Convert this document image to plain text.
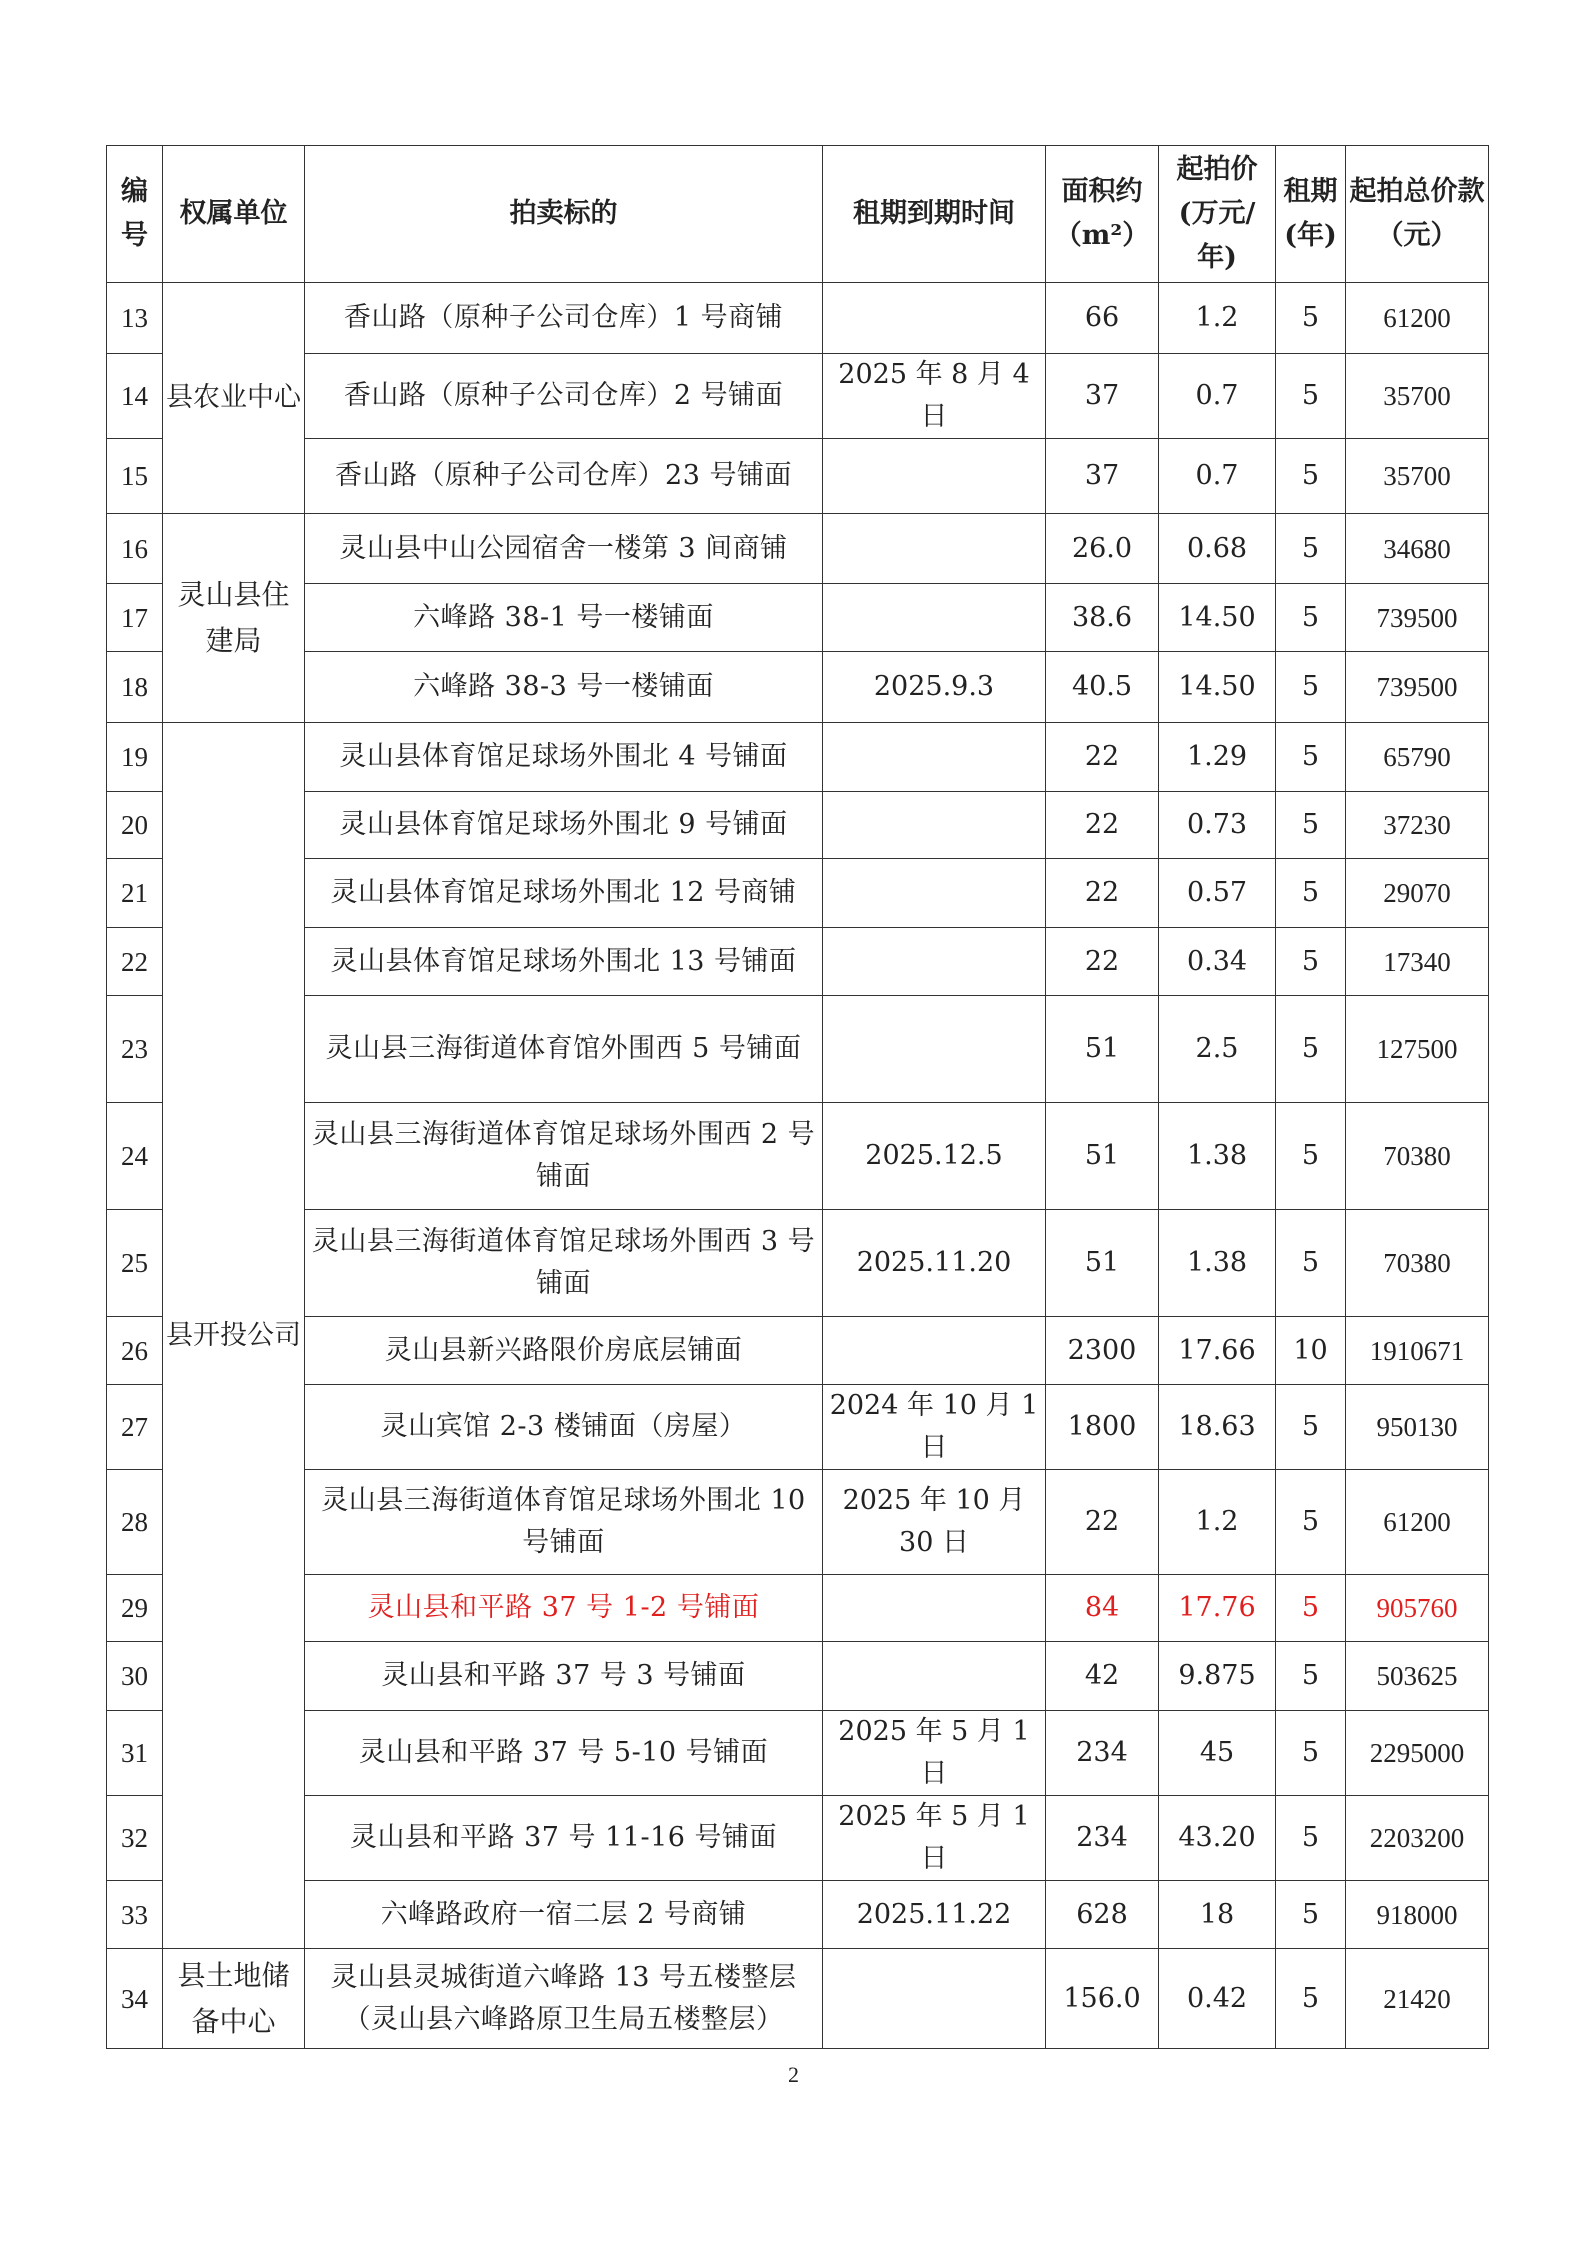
编号	权属单位	拍卖标的	租期到期时间	面积约（m²）	起拍价(万元/年)	租期(年)	起拍总价款（元）
13	县农业中心	香山路（原种子公司仓库）1 号商铺		66	1.2	5	61200
14		香山路（原种子公司仓库）2 号铺面	2025 年 8 月 4 日	37	0.7	5	35700
15		香山路（原种子公司仓库）23 号铺面		37	0.7	5	35700
16	灵山县住建局	灵山县中山公园宿舍一楼第 3 间商铺		26.0	0.68	5	34680
17		六峰路 38-1 号一楼铺面		38.6	14.50	5	739500
18		六峰路 38-3 号一楼铺面	2025.9.3	40.5	14.50	5	739500
19	县开投公司	灵山县体育馆足球场外围北 4 号铺面		22	1.29	5	65790
20		灵山县体育馆足球场外围北 9 号铺面		22	0.73	5	37230
21		灵山县体育馆足球场外围北 12 号商铺		22	0.57	5	29070
22		灵山县体育馆足球场外围北 13 号铺面		22	0.34	5	17340
23		灵山县三海街道体育馆外围西 5 号铺面		51	2.5	5	127500
24		灵山县三海街道体育馆足球场外围西 2 号铺面	2025.12.5	51	1.38	5	70380
25		灵山县三海街道体育馆足球场外围西 3 号铺面	2025.11.20	51	1.38	5	70380
26		灵山县新兴路限价房底层铺面		2300	17.66	10	1910671
27		灵山宾馆 2-3 楼铺面（房屋）	2024 年 10 月 1 日	1800	18.63	5	950130
28		灵山县三海街道体育馆足球场外围北 10 号铺面	2025 年 10 月 30 日	22	1.2	5	61200
29		灵山县和平路 37 号 1-2 号铺面		84	17.76	5	905760
30		灵山县和平路 37 号 3 号铺面		42	9.875	5	503625
31		灵山县和平路 37 号 5-10 号铺面	2025 年 5 月 1 日	234	45	5	2295000
32		灵山县和平路 37 号 11-16 号铺面	2025 年 5 月 1 日	234	43.20	5	2203200
33		六峰路政府一宿二层 2 号商铺	2025.11.22	628	18	5	918000
34	县土地储备中心	灵山县灵城街道六峰路 13 号五楼整层（灵山县六峰路原卫生局五楼整层）		156.0	0.42	5	21420
2
